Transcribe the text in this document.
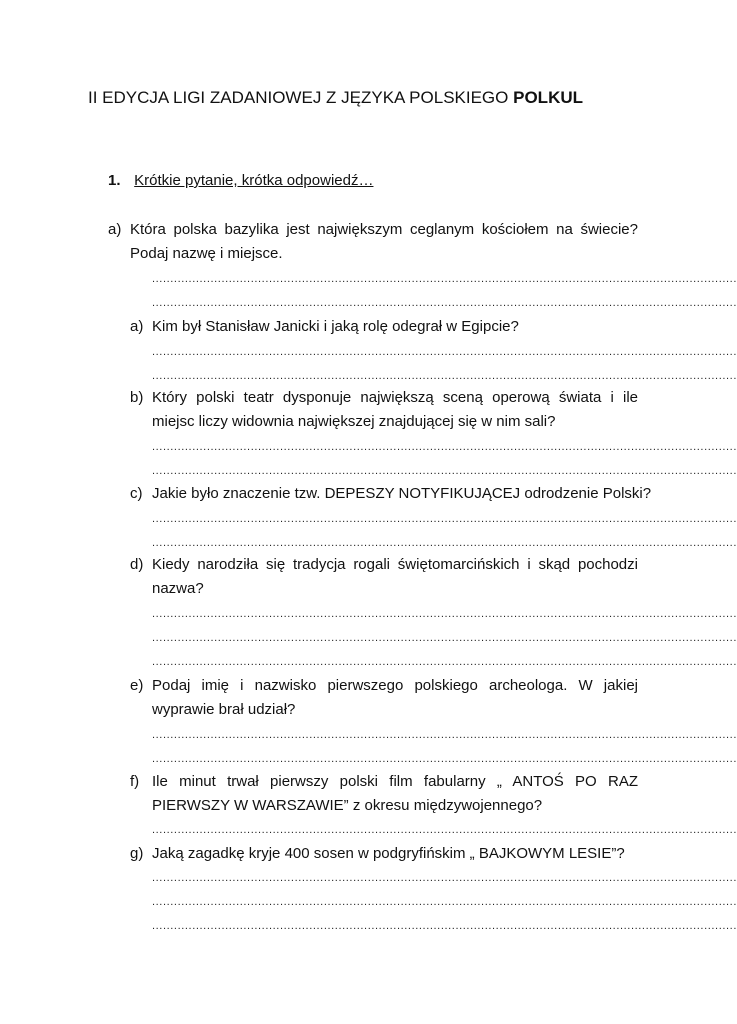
II EDYCJA LIGI ZADANIOWEJ Z JĘZYKA POLSKIEGO POLKUL
1. Krótkie pytanie, krótka odpowiedź…
a) Która polska bazylika jest największym ceglanym kościołem na świecie? Podaj nazwę i miejsce.
................................................................................................................................................................
................................................................................................................................................................
a) Kim był Stanisław Janicki i jaką rolę odegrał w Egipcie?
................................................................................................................................................................
................................................................................................................................................................
b) Który polski teatr dysponuje największą sceną operową świata i ile miejsc liczy widownia największej znajdującej się w nim sali?
................................................................................................................................................................
................................................................................................................................................................
c) Jakie było znaczenie tzw. DEPESZY NOTYFIKUJĄCEJ odrodzenie Polski?
................................................................................................................................................................
................................................................................................................................................................
d) Kiedy narodziła się tradycja rogali świętomarcińskich i skąd pochodzi nazwa?
................................................................................................................................................................
................................................................................................................................................................
................................................................................................................................................................
e) Podaj imię i nazwisko pierwszego polskiego archeologa. W jakiej wyprawie brał udział?
................................................................................................................................................................
................................................................................................................................................................
f) Ile minut trwał pierwszy polski film fabularny „ ANTOŚ PO RAZ PIERWSZY W WARSZAWIE” z okresu międzywojennego?
................................................................................................................................................................
g) Jaką zagadkę kryje 400 sosen w podgryfińskim „ BAJKOWYM LESIE”?
................................................................................................................................................................
................................................................................................................................................................
................................................................................................................................................................
